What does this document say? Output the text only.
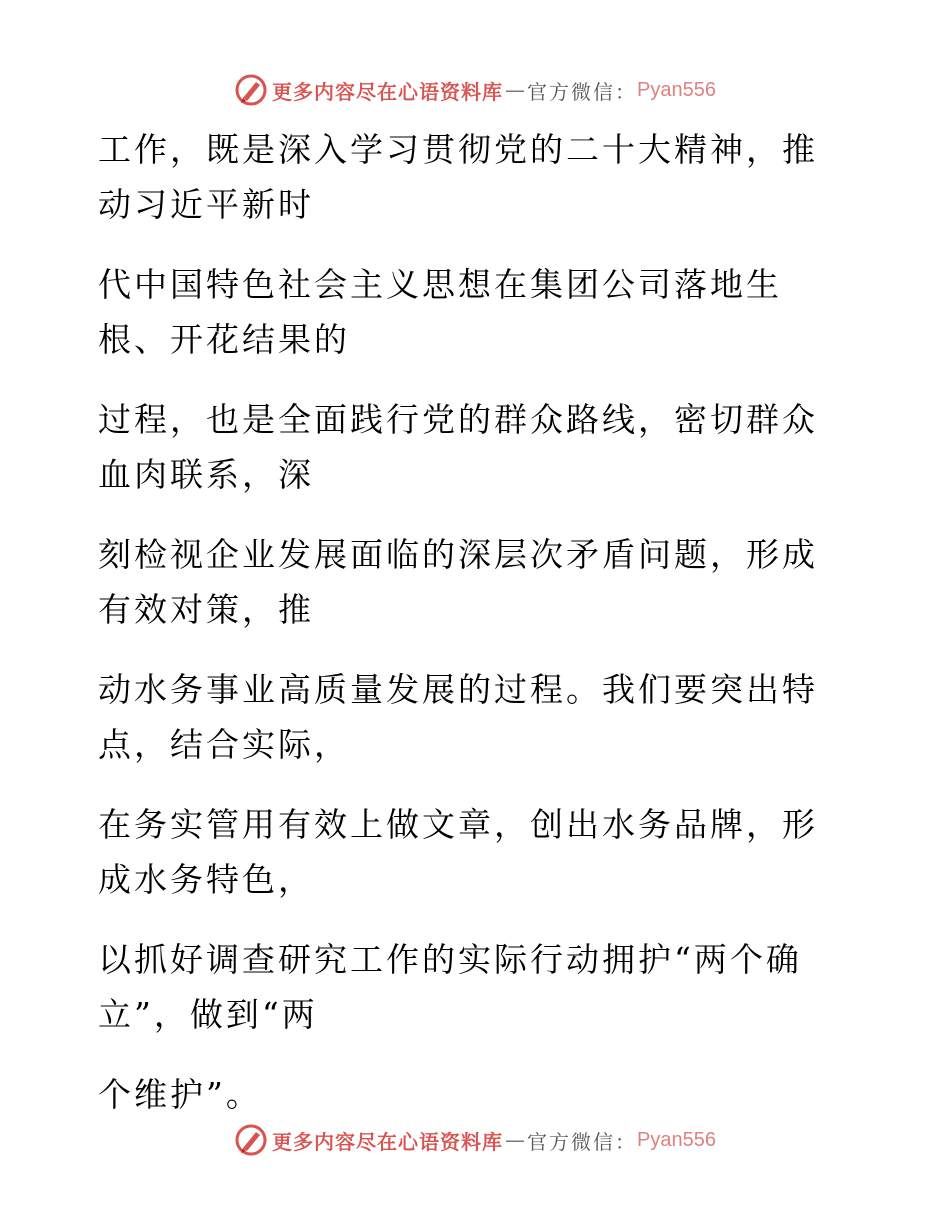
更多内容尽在心语资料库 — 官方微信： Pyan556

工作，既是深入学习贯彻党的二十大精神，推动习近平新时

代中国特色社会主义思想在集团公司落地生根、开花结果的

过程，也是全面践行党的群众路线，密切群众血肉联系，深

刻检视企业发展面临的深层次矛盾问题，形成有效对策，推

动水务事业高质量发展的过程。我们要突出特点，结合实际，

在务实管用有效上做文章，创出水务品牌，形成水务特色，

以抓好调查研究工作的实际行动拥护“两个确立”，做到“两

个维护”。

更多内容尽在心语资料库 — 官方微信： Pyan556
